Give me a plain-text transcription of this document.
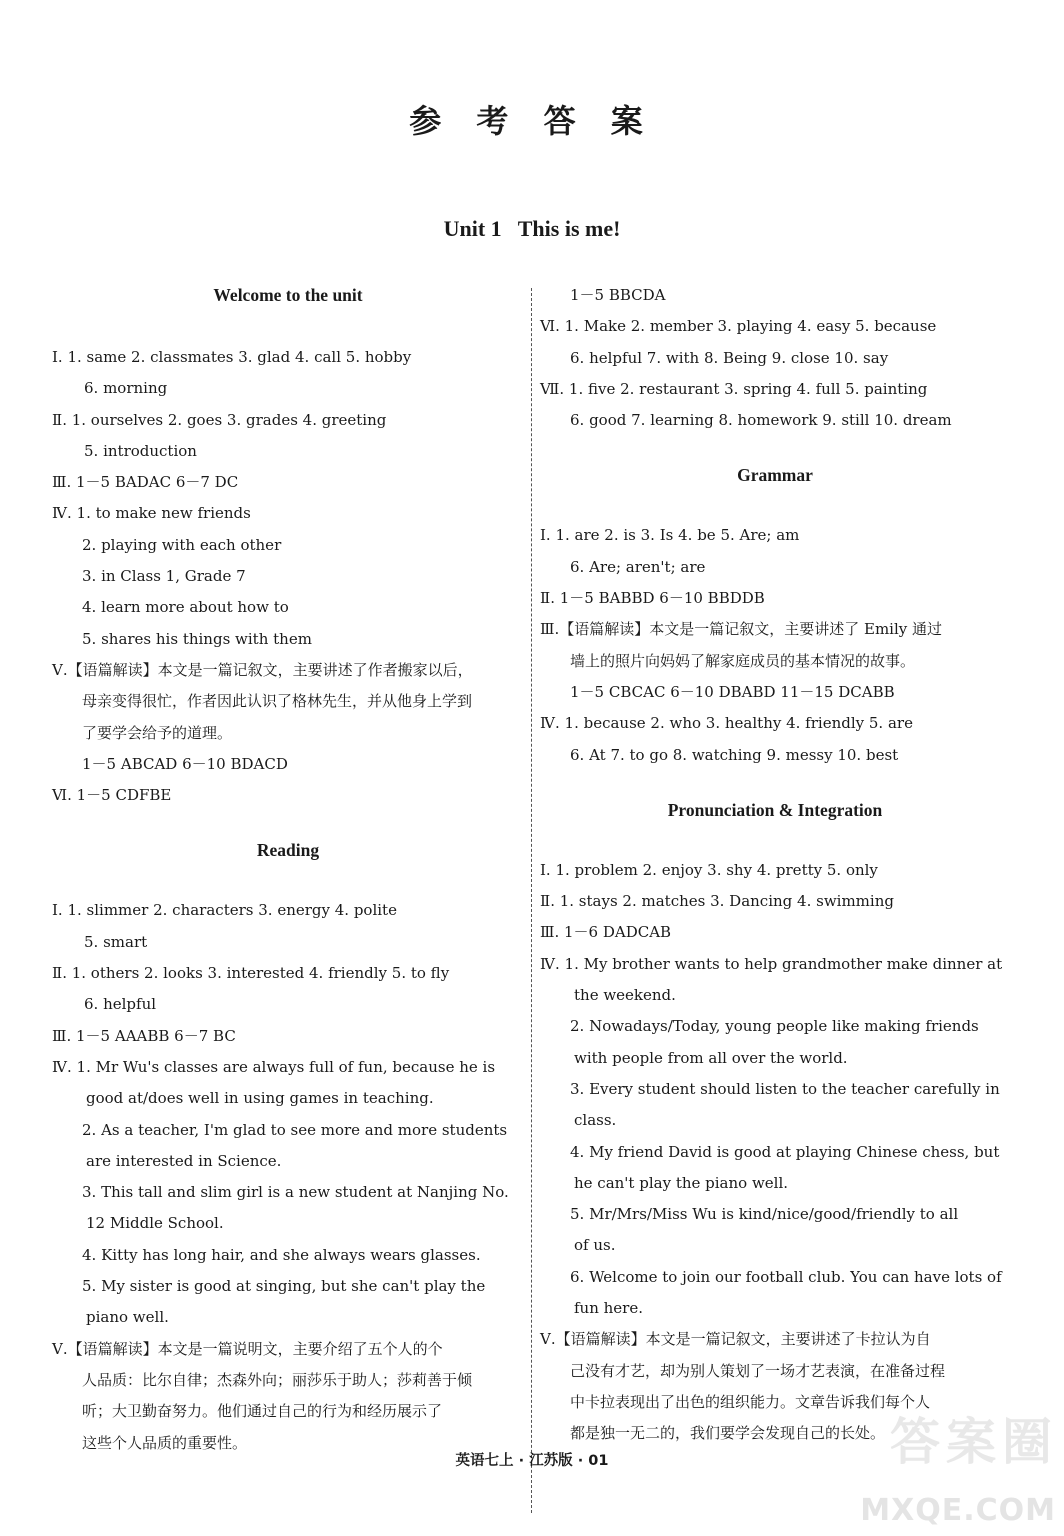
参 考 答 案
Unit 1   This is me!
Welcome to the unit
Ⅰ. 1. same 2. classmates 3. glad 4. call 5. hobby
6. morning
Ⅱ. 1. ourselves 2. goes 3. grades 4. greeting
5. introduction
Ⅲ. 1－5 BADAC 6－7 DC
Ⅳ. 1. to make new friends
2. playing with each other
3. in Class 1, Grade 7
4. learn more about how to
5. shares his things with them
Ⅴ.【语篇解读】本文是一篇记叙文，主要讲述了作者搬家以后，
母亲变得很忙，作者因此认识了格林先生，并从他身上学到
了要学会给予的道理。
1－5 ABCAD 6－10 BDACD
Ⅵ. 1－5 CDFBE
Reading
Ⅰ. 1. slimmer 2. characters 3. energy 4. polite
5. smart
Ⅱ. 1. others 2. looks 3. interested 4. friendly 5. to fly
6. helpful
Ⅲ. 1－5 AAABB 6－7 BC
Ⅳ. 1. Mr Wu's classes are always full of fun, because he is
good at/does well in using games in teaching.
2. As a teacher, I'm glad to see more and more students
are interested in Science.
3. This tall and slim girl is a new student at Nanjing No.
12 Middle School.
4. Kitty has long hair, and she always wears glasses.
5. My sister is good at singing, but she can't play the
piano well.
Ⅴ.【语篇解读】本文是一篇说明文，主要介绍了五个人的个
人品质：比尔自律；杰森外向；丽莎乐于助人；莎莉善于倾
听；大卫勤奋努力。他们通过自己的行为和经历展示了
这些个人品质的重要性。
1－5 BBCDA
Ⅵ. 1. Make 2. member 3. playing 4. easy 5. because
6. helpful 7. with 8. Being 9. close 10. say
Ⅶ. 1. five 2. restaurant 3. spring 4. full 5. painting
6. good 7. learning 8. homework 9. still 10. dream
Grammar
Ⅰ. 1. are 2. is 3. Is 4. be 5. Are; am
6. Are; aren't; are
Ⅱ. 1－5 BABBD 6－10 BBDDB
Ⅲ.【语篇解读】本文是一篇记叙文，主要讲述了 Emily 通过
墙上的照片向妈妈了解家庭成员的基本情况的故事。
1－5 CBCAC 6－10 DBABD 11－15 DCABB
Ⅳ. 1. because 2. who 3. healthy 4. friendly 5. are
6. At 7. to go 8. watching 9. messy 10. best
Pronunciation & Integration
Ⅰ. 1. problem 2. enjoy 3. shy 4. pretty 5. only
Ⅱ. 1. stays 2. matches 3. Dancing 4. swimming
Ⅲ. 1－6 DADCAB
Ⅳ. 1. My brother wants to help grandmother make dinner at
the weekend.
2. Nowadays/Today, young people like making friends
with people from all over the world.
3. Every student should listen to the teacher carefully in
class.
4. My friend David is good at playing Chinese chess, but
he can't play the piano well.
5. Mr/Mrs/Miss Wu is kind/nice/good/friendly to all
of us.
6. Welcome to join our football club. You can have lots of
fun here.
Ⅴ.【语篇解读】本文是一篇记叙文，主要讲述了卡拉认为自
己没有才艺，却为别人策划了一场才艺表演，在准备过程
中卡拉表现出了出色的组织能力。文章告诉我们每个人
都是独一无二的，我们要学会发现自己的长处。
英语七上 · 江苏版 · 01	答案圈
MXQE.COM
